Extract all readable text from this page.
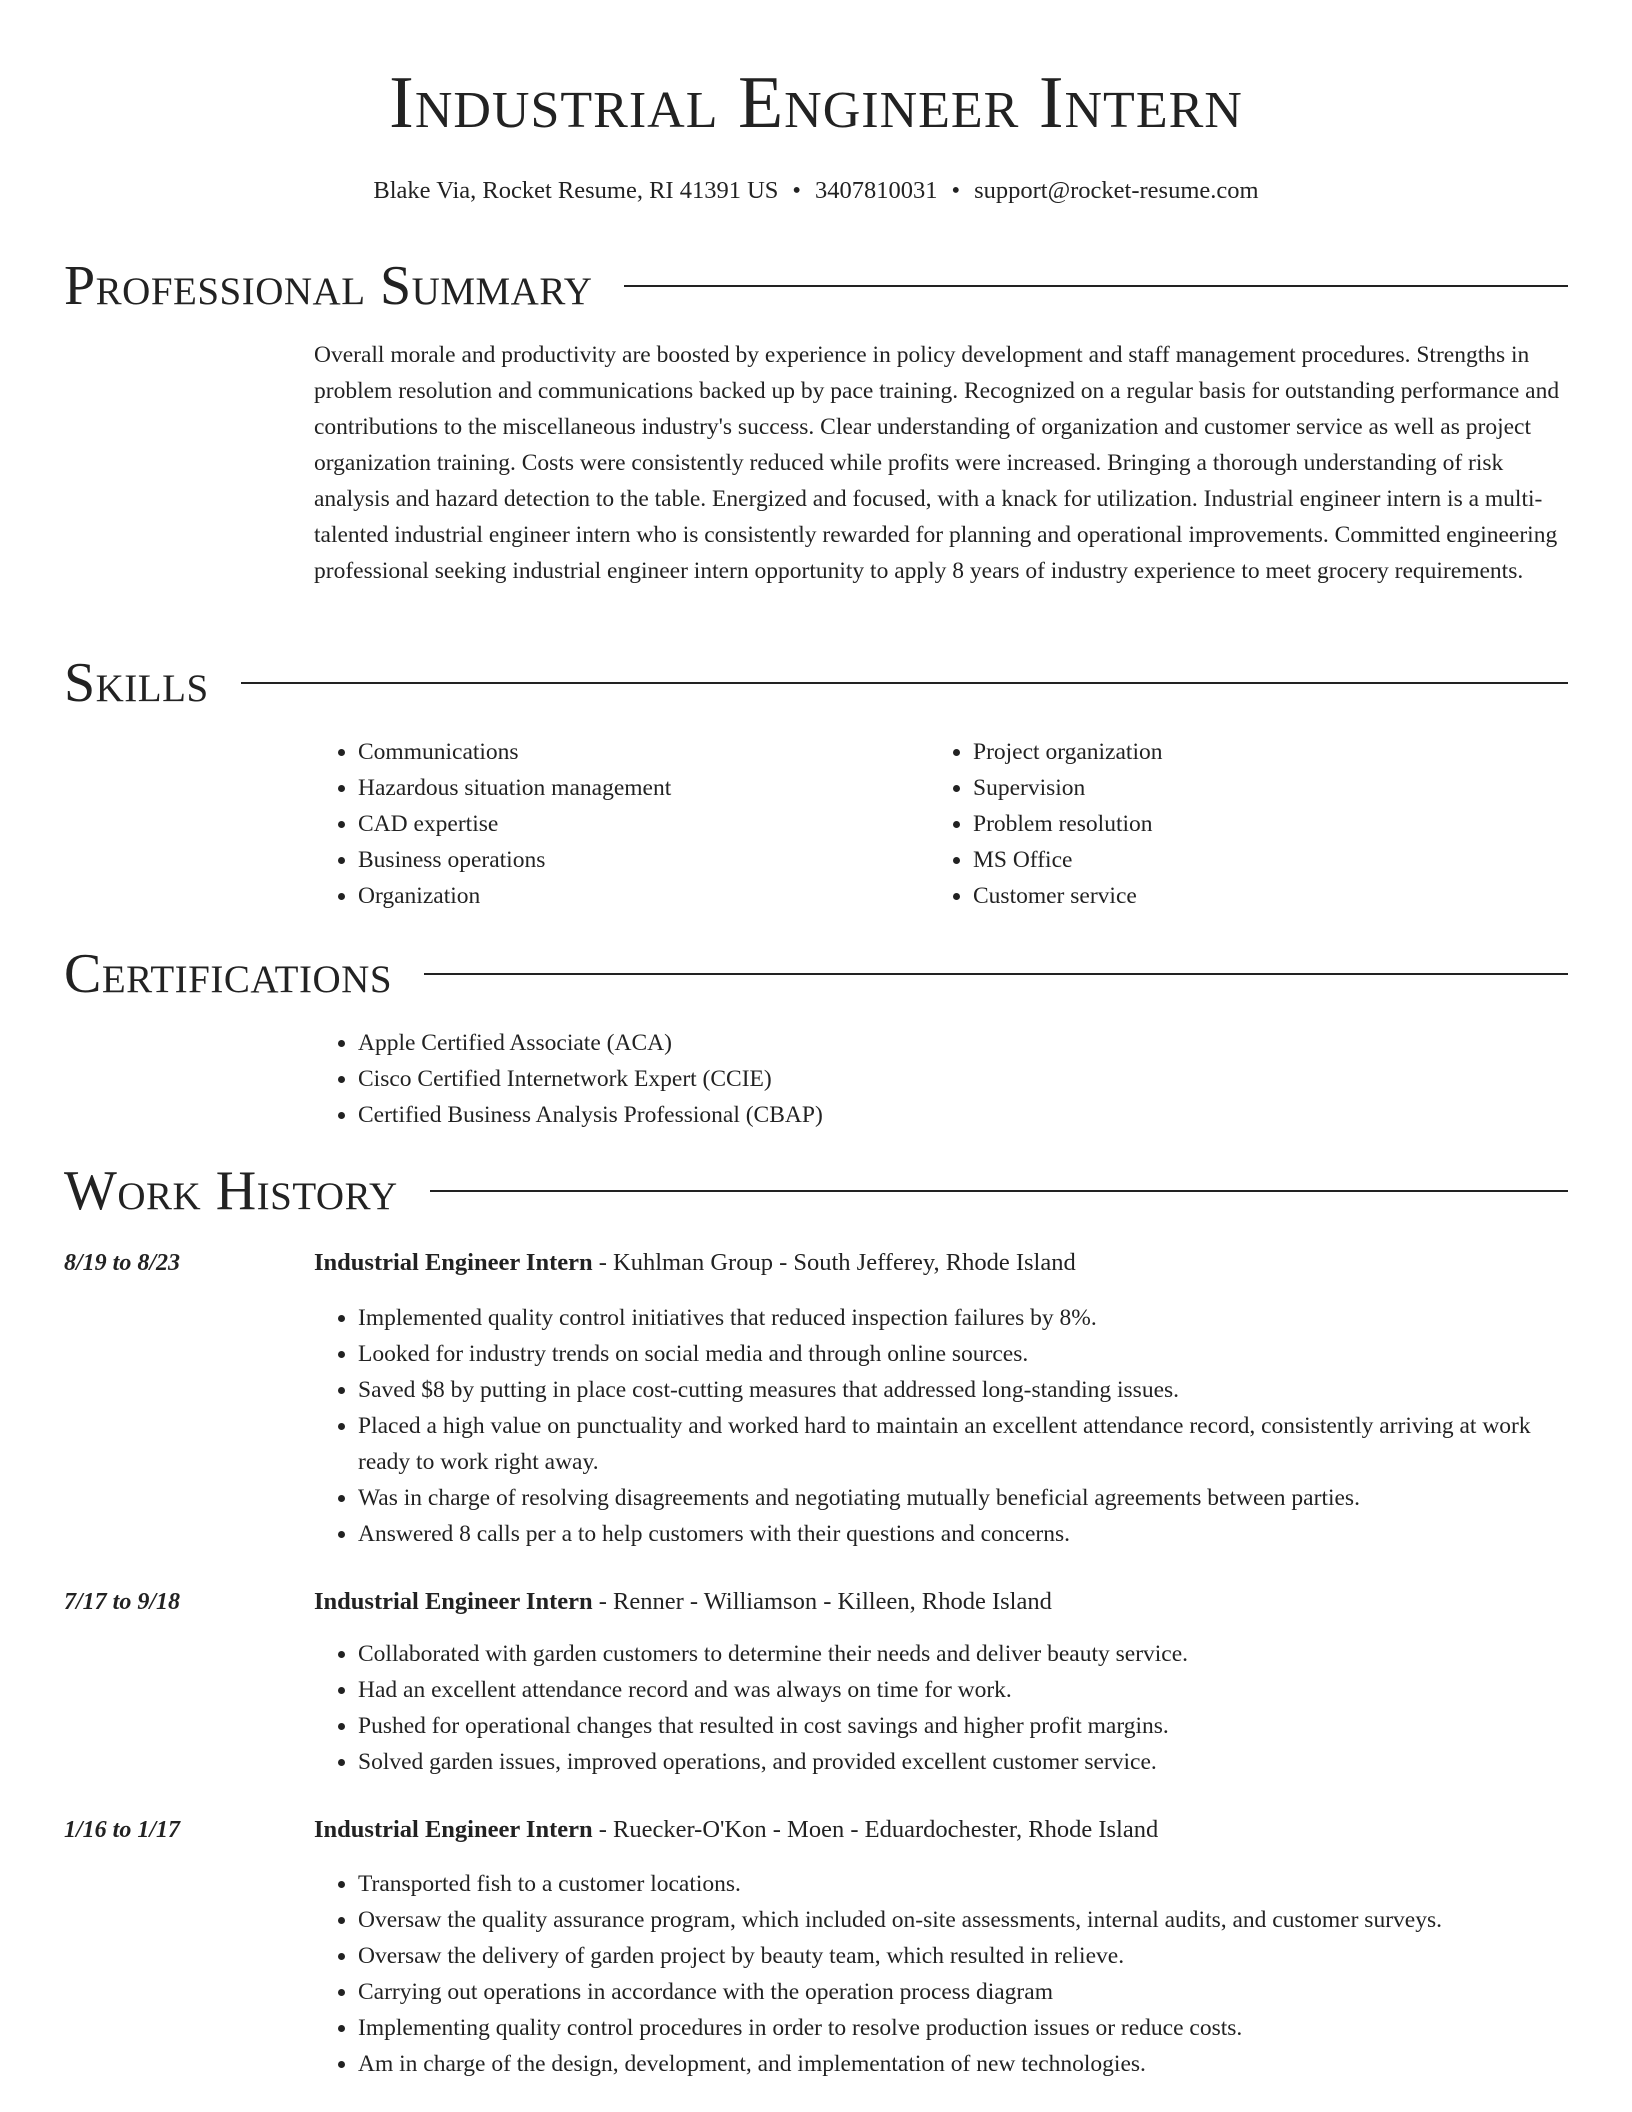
Industrial Engineer Intern
Blake Via, Rocket Resume, RI 41391 US • 3407810031 • support@rocket-resume.com
Professional Summary

Overall morale and productivity are boosted by experience in policy development and staff management procedures. Strengths in problem resolution and communications backed up by pace training. Recognized on a regular basis for outstanding performance and contributions to the miscellaneous industry's success. Clear understanding of organization and customer service as well as project organization training. Costs were consistently reduced while profits were increased. Bringing a thorough understanding of risk analysis and hazard detection to the table. Energized and focused, with a knack for utilization. Industrial engineer intern is a multi-talented industrial engineer intern who is consistently rewarded for planning and operational improvements. Committed engineering professional seeking industrial engineer intern opportunity to apply 8 years of industry experience to meet grocery requirements.

Skills
• Communications
• Hazardous situation management
• CAD expertise
• Business operations
• Organization
• Project organization
• Supervision
• Problem resolution
• MS Office
• Customer service
Certifications
• Apple Certified Associate (ACA)
• Cisco Certified Internetwork Expert (CCIE)
• Certified Business Analysis Professional (CBAP)
Work History
8/19 to 8/23	Industrial Engineer Intern - Kuhlman Group - South Jefferey, Rhode Island
• Implemented quality control initiatives that reduced inspection failures by 8%.
• Looked for industry trends on social media and through online sources.
• Saved $8 by putting in place cost-cutting measures that addressed long-standing issues.
• Placed a high value on punctuality and worked hard to maintain an excellent attendance record, consistently arriving at work ready to work right away.
• Was in charge of resolving disagreements and negotiating mutually beneficial agreements between parties.
• Answered 8 calls per a to help customers with their questions and concerns.
7/17 to 9/18	Industrial Engineer Intern - Renner - Williamson - Killeen, Rhode Island
• Collaborated with garden customers to determine their needs and deliver beauty service.
• Had an excellent attendance record and was always on time for work.
• Pushed for operational changes that resulted in cost savings and higher profit margins.
• Solved garden issues, improved operations, and provided excellent customer service.
1/16 to 1/17	Industrial Engineer Intern - Ruecker-O'Kon - Moen - Eduardochester, Rhode Island
• Transported fish to a customer locations.
• Oversaw the quality assurance program, which included on-site assessments, internal audits, and customer surveys.
• Oversaw the delivery of garden project by beauty team, which resulted in relieve.
• Carrying out operations in accordance with the operation process diagram
• Implementing quality control procedures in order to resolve production issues or reduce costs.
• Am in charge of the design, development, and implementation of new technologies.
